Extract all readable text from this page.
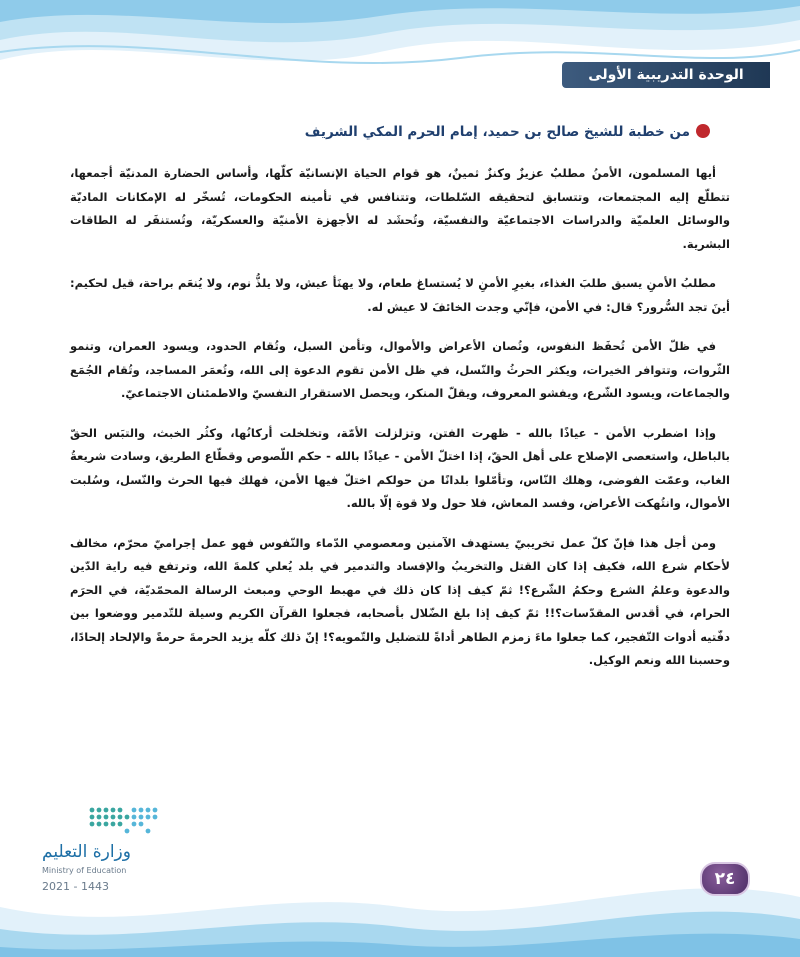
الوحدة التدريبية الأولى
من خطبة للشيخ صالح بن حميد، إمام الحرم المكي الشريف

أيها المسلمون، الأمنُ مطلبٌ عزيزٌ وكنزٌ ثمينٌ، هو قوام الحياة الإنسانيّة كلّها، وأساس الحضارة المدنيّة أجمعها، تتطلّع إليه المجتمعات، وتتسابق لتحقيقه السّلطات، وتتنافس في تأمينه الحكومات، تُسخّر له الإمكانات الماديّة والوسائل العلميّة والدراسات الاجتماعيّة والنفسيّة، وتُحشَد له الأجهزة الأمنيّة والعسكريّة، وتُستنفَر له الطاقات البشرية.

مطلبُ الأمنِ يسبق طلبَ الغذاء، بغيرِ الأمنِ لا يُستساغ طعام، ولا يهنَأ عيش، ولا يلذُّ نوم، ولا يُنعَم براحة، قيل لحكيم: أينَ تجد السُّرور؟ قال: في الأمن، فإنّي وجدت الخائفَ لا عيش له.

في ظلّ الأمن تُحفَظ النفوس، وتُصان الأعراض والأموال، وتأمن السبل، وتُقام الحدود، ويسود العمران، وتنمو الثّروات، وتتوافر الخيرات، ويكثر الحرثُ والنّسل، في ظل الأمن تقوم الدعوة إلى الله، وتُعمَر المساجد، وتُقام الجُمَع والجماعات، ويسود الشّرع، ويفشو المعروف، ويقلّ المنكر، ويحصل الاستقرار النفسيّ والاطمئنان الاجتماعيّ.

وإذا اضطرب الأمن - عياذًا بالله - ظهرت الفتن، وتزلزلت الأمّة، وتخلخلت أركانُها، وكثُر الخبث، والتبَس الحقّ بالباطل، واستعصى الإصلاح على أهل الحقّ، إذا اختلّ الأمن - عياذًا بالله - حكم اللّصوص وقطّاع الطريق، وسادت شريعةُ الغاب، وعمّت الفوضى، وهلك النّاس، وتأمّلوا بلدانًا من حولكم اختلّ فيها الأمن، فهلك فيها الحرث والنّسل، وسُلبت الأموال، وانتُهكت الأعراض، وفسد المعاش، فلا حول ولا قوة إلّا بالله.

ومن أجل هذا فإنّ كلّ عمل تخريبيّ يستهدف الآمنين ومعصومي الدّماء والنّفوس فهو عمل إجراميّ محرّم، مخالف لأحكام شرع الله، فكيف إذا كان القتل والتخريبُ والإفساد والتدمير في بلد يُعلي كلمةَ الله، وترتفع فيه راية الدّين والدعوة وعلمُ الشرع وحكمُ الشّرع؟! ثمّ كيف إذا كان ذلك في مهبط الوحي ومبعث الرسالة المحمّديّة، في الحرَم الحرام، في أقدس المقدّسات؟!! ثمّ كيف إذا بلغ الضّلال بأصحابه، فجعلوا القرآن الكريم وسيلة للتّدمير ووضعوا بين دفّتيه أدوات التّفجير، كما جعلوا ماءَ زمزم الطاهر أداةً للتضليل والتّمويه؟! إنّ ذلك كلّه يزيد الحرمةَ حرمةً والإلحاد إلحادًا، وحسبنا الله ونعم الوكيل.

وزارة التعليم
Ministry of Education
2021 - 1443	٢٤
